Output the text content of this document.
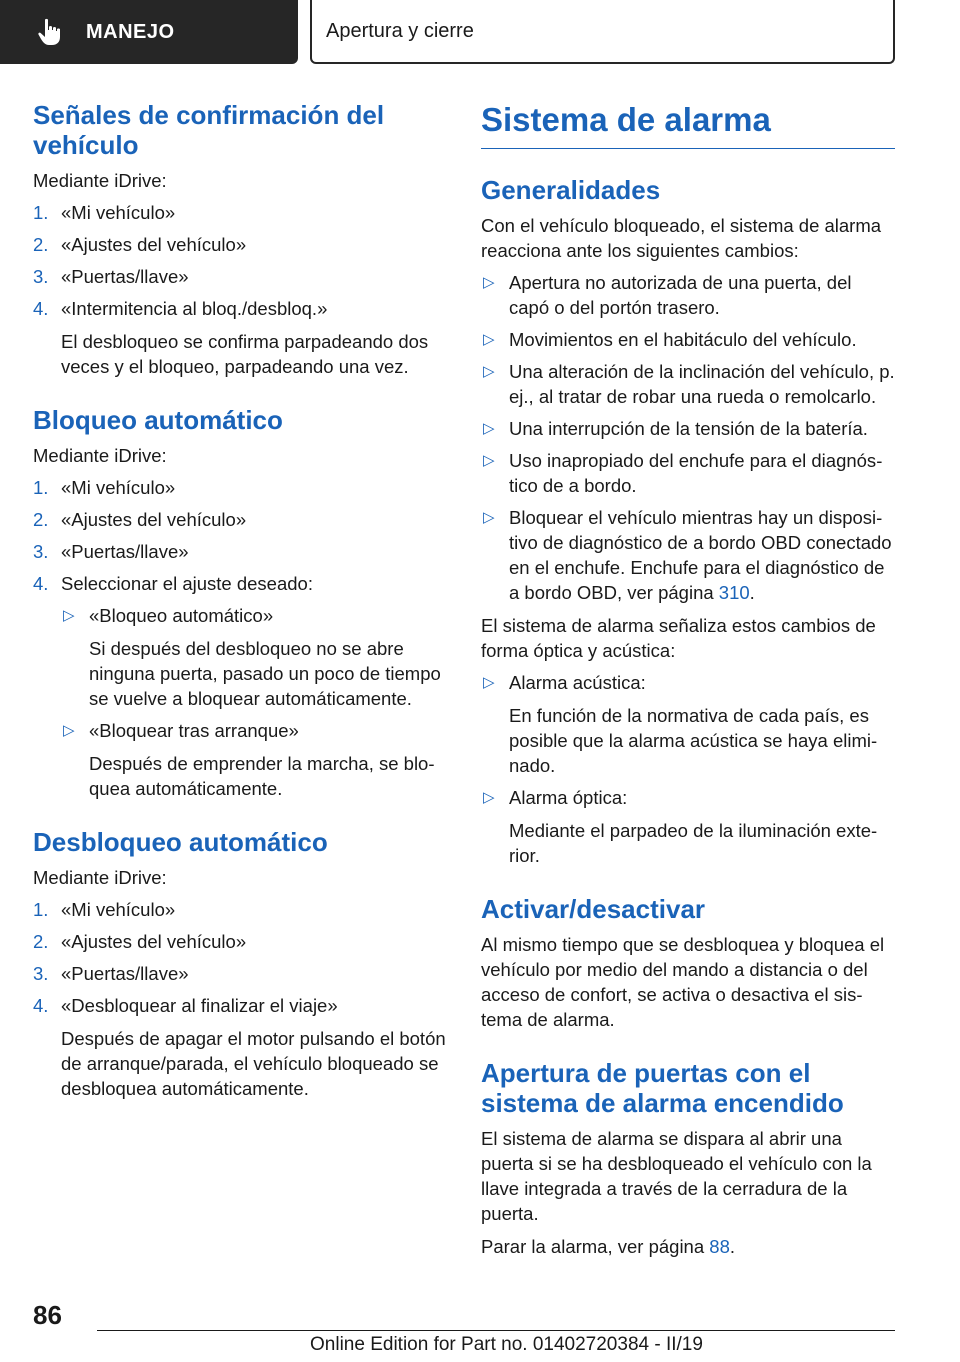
MANEJO	Apertura y cierre
Señales de confirmación del vehículo

Mediante iDrive:

1. «Mi vehículo»
2. «Ajustes del vehículo»
3. «Puertas/llave»
4. «Intermitencia al bloq./desbloq.»

El desbloqueo se confirma parpadeando dos veces y el bloqueo, parpadeando una vez.

Bloqueo automático

Mediante iDrive:

1. «Mi vehículo»
2. «Ajustes del vehículo»
3. «Puertas/llave»
4. Seleccionar el ajuste deseado:
▷ «Bloqueo automático»

Si después del desbloqueo no se abre ninguna puerta, pasado un poco de tiempo se vuelve a bloquear automáticamente.

▷ «Bloquear tras arranque»

Después de emprender la marcha, se bloquea automáticamente.

Desbloqueo automático

Mediante iDrive:

1. «Mi vehículo»
2. «Ajustes del vehículo»
3. «Puertas/llave»
4. «Desbloquear al finalizar el viaje»

Después de apagar el motor pulsando el botón de arranque/parada, el vehículo bloqueado se desbloquea automáticamente.

Sistema de alarma
Generalidades

Con el vehículo bloqueado, el sistema de alarma reacciona ante los siguientes cambios:

▷ Apertura no autorizada de una puerta, del capó o del portón trasero.
▷ Movimientos en el habitáculo del vehículo.
▷ Una alteración de la inclinación del vehículo, p. ej., al tratar de robar una rueda o remolcarlo.
▷ Una interrupción de la tensión de la batería.
▷ Uso inapropiado del enchufe para el diagnóstico de a bordo.
▷ Bloquear el vehículo mientras hay un dispositivo de diagnóstico de a bordo OBD conectado en el enchufe. Enchufe para el diagnóstico de a bordo OBD, ver página 310.

El sistema de alarma señaliza estos cambios de forma óptica y acústica:

▷ Alarma acústica:

En función de la normativa de cada país, es posible que la alarma acústica se haya eliminado.

▷ Alarma óptica:

Mediante el parpadeo de la iluminación exterior.

Activar/desactivar

Al mismo tiempo que se desbloquea y bloquea el vehículo por medio del mando a distancia o del acceso de confort, se activa o desactiva el sistema de alarma.

Apertura de puertas con el sistema de alarma encendido

El sistema de alarma se dispara al abrir una puerta si se ha desbloqueado el vehículo con la llave integrada a través de la cerradura de la puerta.

Parar la alarma, ver página 88.

86
Online Edition for Part no. 01402720384 - II/19
